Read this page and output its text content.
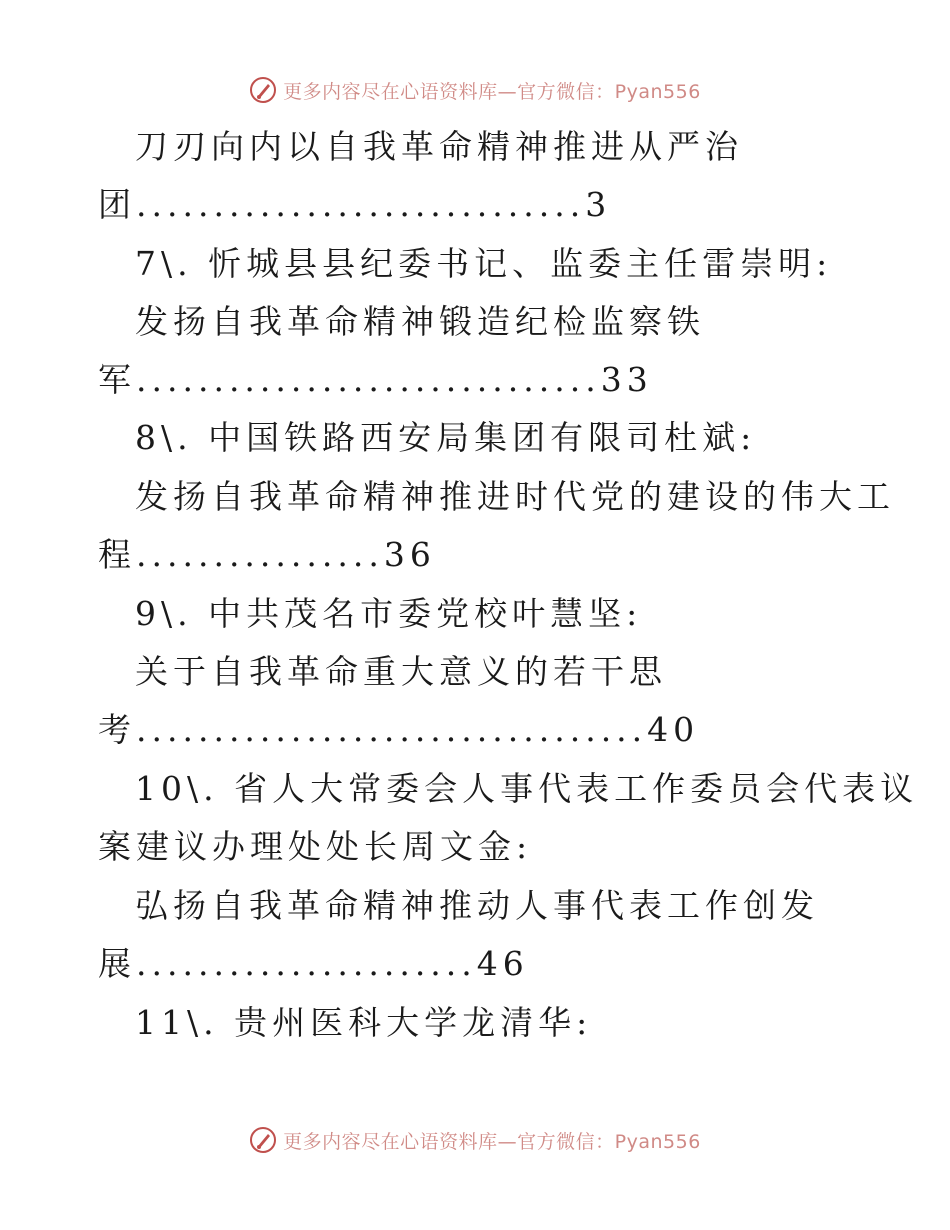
更多内容尽在心语资料库—官方微信：Pyan556
刀刃向内以自我革命精神推进从严治
团.............................3
7\. 忻城县县纪委书记、监委主任雷崇明:
发扬自我革命精神锻造纪检监察铁
军..............................33
8\. 中国铁路西安局集团有限司杜斌:
发扬自我革命精神推进时代党的建设的伟大工
程................36
9\. 中共茂名市委党校叶慧坚:
关于自我革命重大意义的若干思
考.................................40
10\. 省人大常委会人事代表工作委员会代表议
案建议办理处处长周文金:
弘扬自我革命精神推动人事代表工作创发
展......................46
11\. 贵州医科大学龙清华:
更多内容尽在心语资料库—官方微信：Pyan556
